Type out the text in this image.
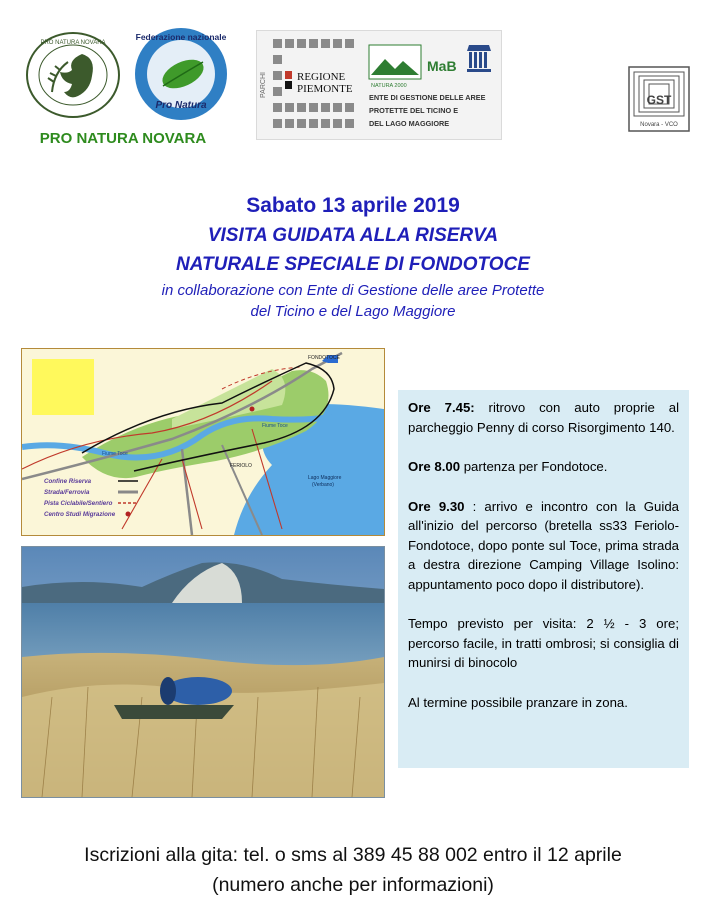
PRO NATURA NOVARA
Federazione nazionale
Pro Natura
PRO NATURA NOVARA
PARCHI	REGIONE
PIEMONTE	NATURA 2000
MaB
ENTE DI GESTIONE DELLE AREE
PROTETTE DEL TICINO E
DEL LAGO MAGGIORE
GST
Novara - VCO
Sabato 13 aprile 2019
VISITA GUIDATA ALLA RISERVA
NATURALE SPECIALE DI FONDOTOCE
in collaborazione con Ente di Gestione delle aree Protette
del Ticino e del Lago Maggiore
FONDOTOCE
Fiume Toce
Fiume Toce
Lago Maggiore
(Verbano)
FERIOLO
Confine Riserva
Strada/Ferrovia
Pista Ciclabile/Sentiero
Centro Studi Migrazione

Ore 7.45: ritrovo con auto proprie al parcheggio Penny di corso Risorgimento 140.

Ore 8.00 partenza per Fondotoce.

Ore 9.30 : arrivo e incontro con la Guida all'inizio del percorso (bretella ss33 Feriolo-Fondotoce, dopo ponte sul Toce, prima strada a destra direzione Camping Village Isolino: appuntamento poco dopo il distributore).

Tempo previsto per visita: 2 ½ - 3 ore; percorso facile, in tratti ombrosi; si consiglia di munirsi di binocolo

Al termine possibile pranzare in zona.

Iscrizioni alla gita: tel. o sms al 389 45 88 002 entro il 12 aprile
(numero anche per informazioni)
